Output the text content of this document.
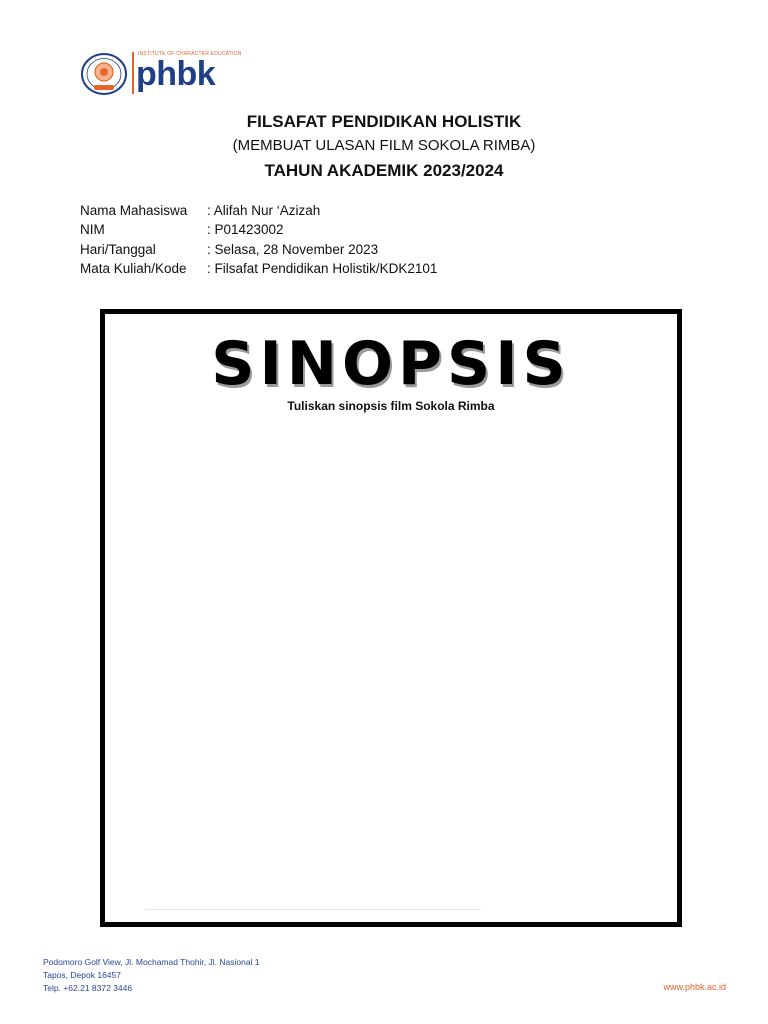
INSTITUTE OF CHARACTER EDUCATION
phbk

FILSAFAT PENDIDIKAN HOLISTIK

(MEMBUAT ULASAN FILM SOKOLA RIMBA)

TAHUN AKADEMIK 2023/2024

Nama Mahasiswa	: Alifah Nur ‘Azizah
NIM	: P01423002
Hari/Tanggal	: Selasa, 28 November 2023
Mata Kuliah/Kode	: Filsafat Pendidikan Holistik/KDK2101
SINOPSIS
Tuliskan sinopsis film Sokola Rimba
Podomoro Golf View, Jl. Mochamad Thohir, Jl. Nasional 1
Tapos, Depok 16457
Telp. +62.21 8372 3446	www.phbk.ac.id
